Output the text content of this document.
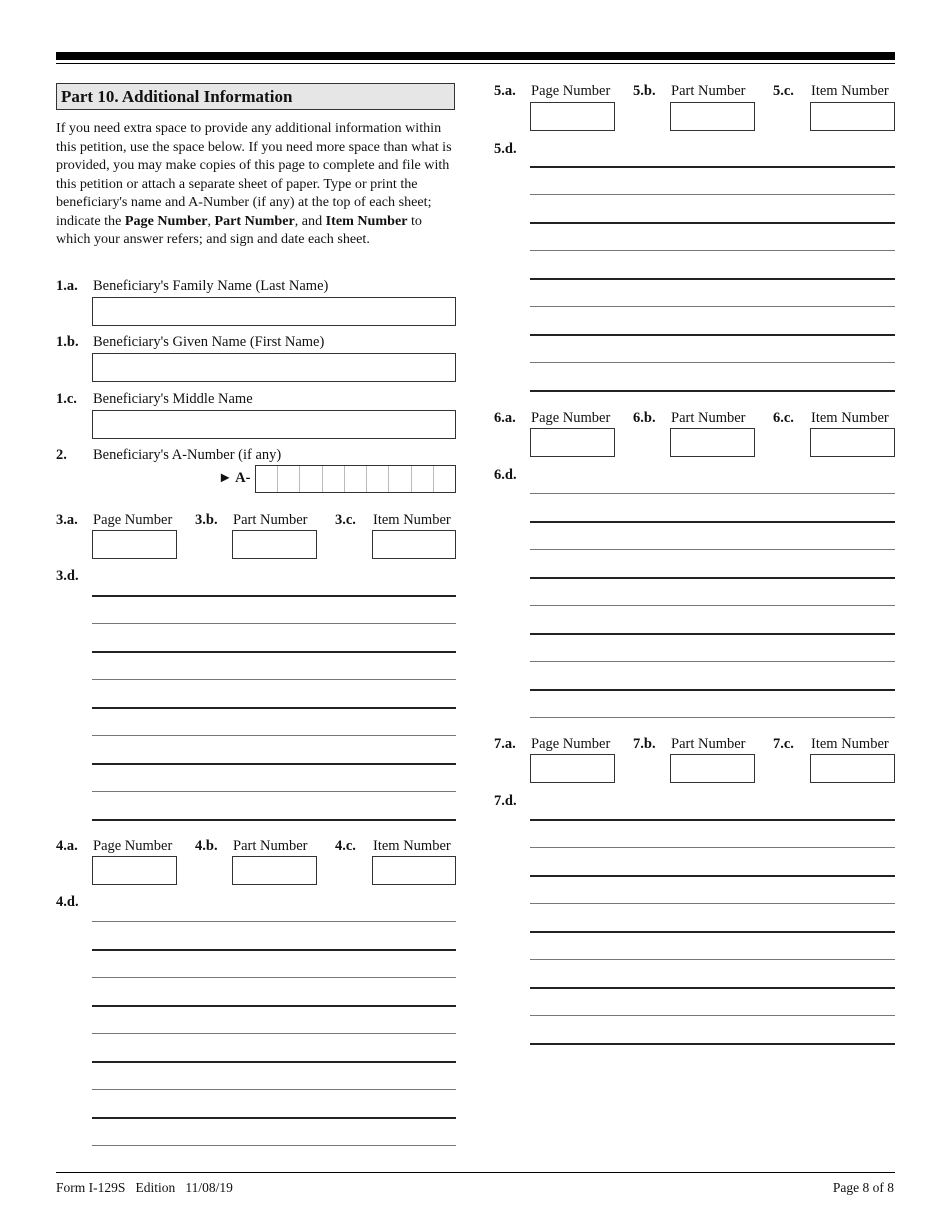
Part 10. Additional Information
If you need extra space to provide any additional information within this petition, use the space below. If you need more space than what is provided, you may make copies of this page to complete and file with this petition or attach a separate sheet of paper. Type or print the beneficiary's name and A-Number (if any) at the top of each sheet; indicate the Page Number, Part Number, and Item Number to which your answer refers; and sign and date each sheet.
1.a. Beneficiary's Family Name (Last Name)
1.b. Beneficiary's Given Name (First Name)
1.c. Beneficiary's Middle Name
2. Beneficiary's A-Number (if any)
► A-
3.a. Page Number 3.b. Part Number 3.c. Item Number
3.d.
4.a. Page Number 4.b. Part Number 4.c. Item Number
4.d.
5.a. Page Number 5.b. Part Number 5.c. Item Number
5.d.
6.a. Page Number 6.b. Part Number 6.c. Item Number
6.d.
7.a. Page Number 7.b. Part Number 7.c. Item Number
7.d.
Form I-129S   Edition   11/08/19	Page 8 of 8
